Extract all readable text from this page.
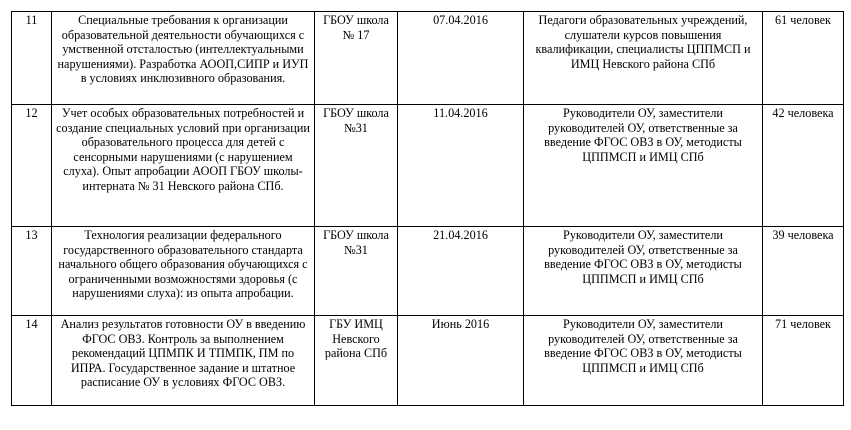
11	Специальные требования к организации образовательной деятельности обучающихся с умственной отсталостью (интеллектуальными нарушениями). Разработка АООП,СИПР и ИУП в условиях инклюзивного образования.	ГБОУ школа № 17	07.04.2016	Педагоги образовательных учреждений, слушатели курсов повышения квалификации, специалисты ЦППМСП и ИМЦ Невского района СПб	61 человек
12	Учет особых образовательных потребностей и создание специальных условий при организации образовательного процесса для детей с сенсорными нарушениями (с нарушением слуха). Опыт апробации АООП ГБОУ школы-интерната № 31 Невского района СПб.	ГБОУ школа №31	11.04.2016	Руководители ОУ, заместители руководителей ОУ, ответственные за введение ФГОС ОВЗ в ОУ, методисты ЦППМСП и ИМЦ СПб	42 человека
13	Технология реализации федерального государственного образовательного стандарта начального общего образования обучающихся с ограниченными возможностями здоровья (с нарушениями слуха): из опыта апробации.	ГБОУ школа №31	21.04.2016	Руководители ОУ, заместители руководителей ОУ, ответственные за введение ФГОС ОВЗ в ОУ, методисты ЦППМСП и ИМЦ СПб	39 человека
14	Анализ результатов готовности ОУ в введению ФГОС ОВЗ. Контроль за выполнением рекомендаций ЦПМПК И ТПМПК, ПМ по ИПРА. Государственное задание и штатное расписание ОУ в условиях ФГОС ОВЗ.	ГБУ ИМЦ Невского района СПб	Июнь 2016	Руководители ОУ, заместители руководителей ОУ, ответственные за введение ФГОС ОВЗ в ОУ, методисты ЦППМСП и ИМЦ СПб	71 человек
